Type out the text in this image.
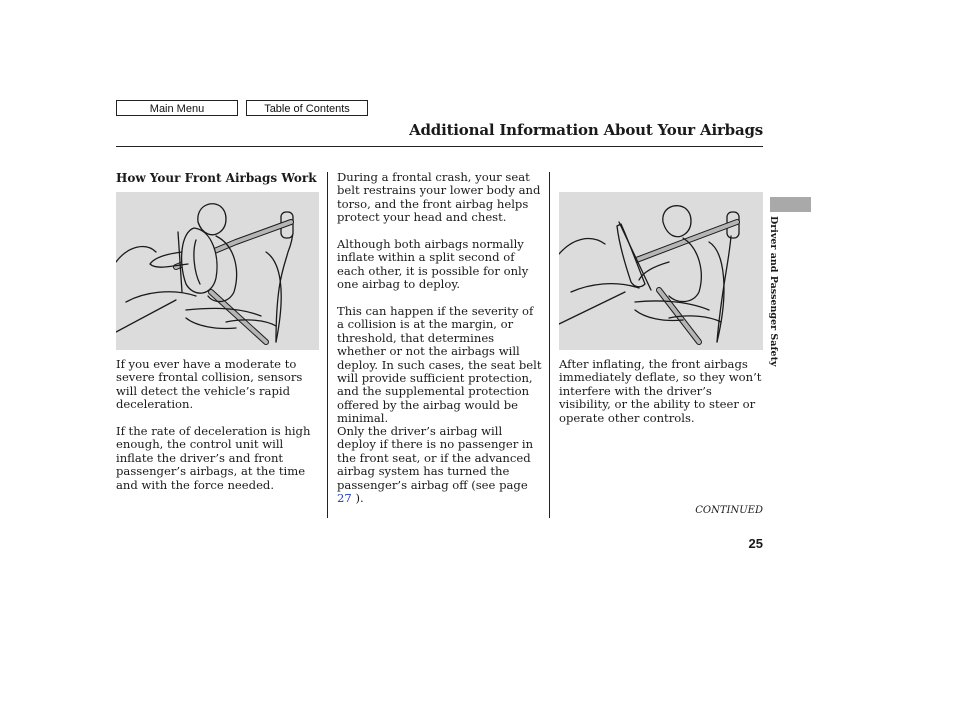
Main Menu	Table of Contents
Additional Information About Your Airbags
Driver and Passenger Safety
How Your Front Airbags Work

If you ever have a moderate to severe frontal collision, sensors will detect the vehicle’s rapid deceleration.

If the rate of deceleration is high enough, the control unit will inflate the driver’s and front passenger’s airbags, at the time and with the force needed.

During a frontal crash, your seat belt restrains your lower body and torso, and the front airbag helps protect your head and chest.

Although both airbags normally inflate within a split second of each other, it is possible for only one airbag to deploy.

This can happen if the severity of a collision is at the margin, or threshold, that determines whether or not the airbags will deploy. In such cases, the seat belt will provide sufficient protection, and the supplemental protection offered by the airbag would be minimal.

Only the driver’s airbag will deploy if there is no passenger in the front seat, or if the advanced airbag system has turned the passenger’s airbag off (see page 27 ).

After inflating, the front airbags immediately deflate, so they won’t interfere with the driver’s visibility, or the ability to steer or operate other controls.

CONTINUED
25
